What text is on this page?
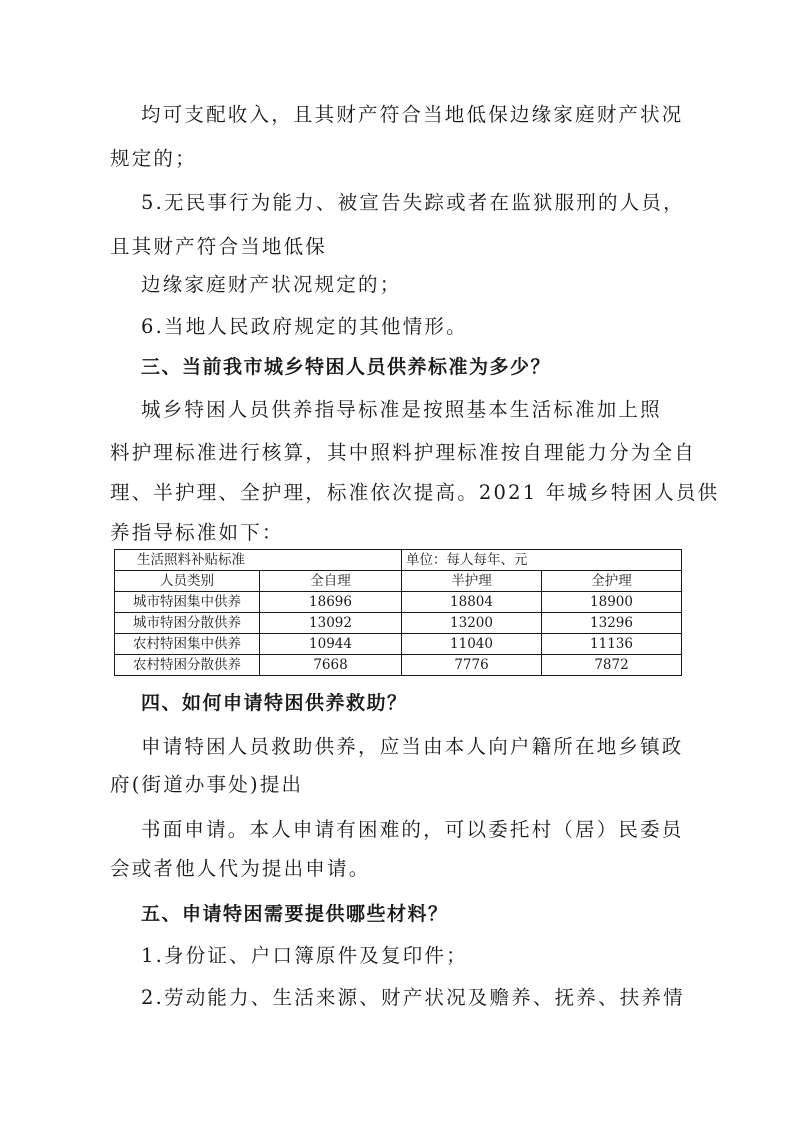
均可支配收入，且其财产符合当地低保边缘家庭财产状况
规定的；
5.无民事行为能力、被宣告失踪或者在监狱服刑的人员，
且其财产符合当地低保
边缘家庭财产状况规定的；
6.当地人民政府规定的其他情形。
三、当前我市城乡特困人员供养标准为多少？
城乡特困人员供养指导标准是按照基本生活标准加上照
料护理标准进行核算，其中照料护理标准按自理能力分为全自
理、半护理、全护理，标准依次提高。2021 年城乡特困人员供
养指导标准如下：
生活照料补贴标准		单位：每人每年、元	
人员类别	全自理	半护理	全护理
城市特困集中供养	18696	18804	18900
城市特困分散供养	13092	13200	13296
农村特困集中供养	10944	11040	11136
农村特困分散供养	7668	7776	7872
四、如何申请特困供养救助？
申请特困人员救助供养，应当由本人向户籍所在地乡镇政
府(街道办事处)提出
书面申请。本人申请有困难的，可以委托村（居）民委员
会或者他人代为提出申请。
五、申请特困需要提供哪些材料？
1.身份证、户口簿原件及复印件；
2.劳动能力、生活来源、财产状况及赡养、抚养、扶养情
